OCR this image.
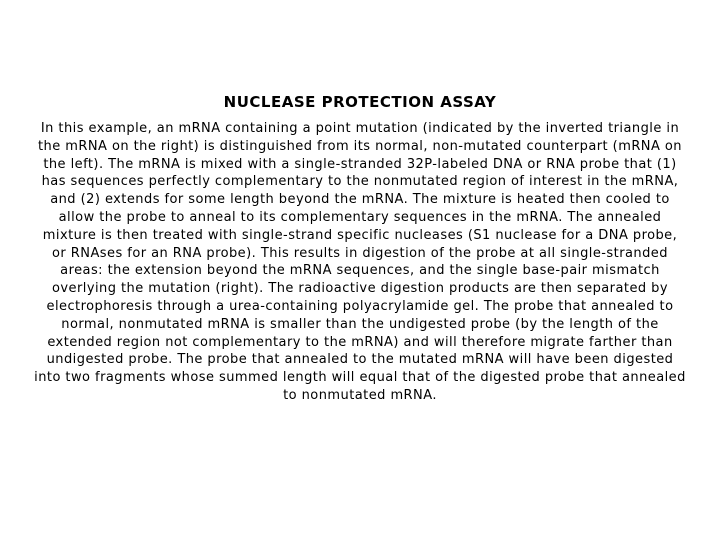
NUCLEASE PROTECTION ASSAY

In this example, an mRNA containing a point mutation (indicated by the inverted triangle in the mRNA on the right) is distinguished from its normal, non-mutated counterpart (mRNA on the left). The mRNA is mixed with a single-stranded 32P-labeled DNA or RNA probe that (1) has sequences perfectly complementary to the nonmutated region of interest in the mRNA, and (2) extends for some length beyond the mRNA. The mixture is heated then cooled to allow the probe to anneal to its complementary sequences in the mRNA. The annealed mixture is then treated with single-strand specific nucleases (S1 nuclease for a DNA probe, or RNAses for an RNA probe). This results in digestion of the probe at all single-stranded areas: the extension beyond the mRNA sequences, and the single base-pair mismatch overlying the mutation (right). The radioactive digestion products are then separated by electrophoresis through a urea-containing polyacrylamide gel. The probe that annealed to normal, nonmutated mRNA is smaller than the undigested probe (by the length of the extended region not complementary to the mRNA) and will therefore migrate farther than undigested probe. The probe that annealed to the mutated mRNA will have been digested into two fragments whose summed length will equal that of the digested probe that annealed to nonmutated mRNA.
